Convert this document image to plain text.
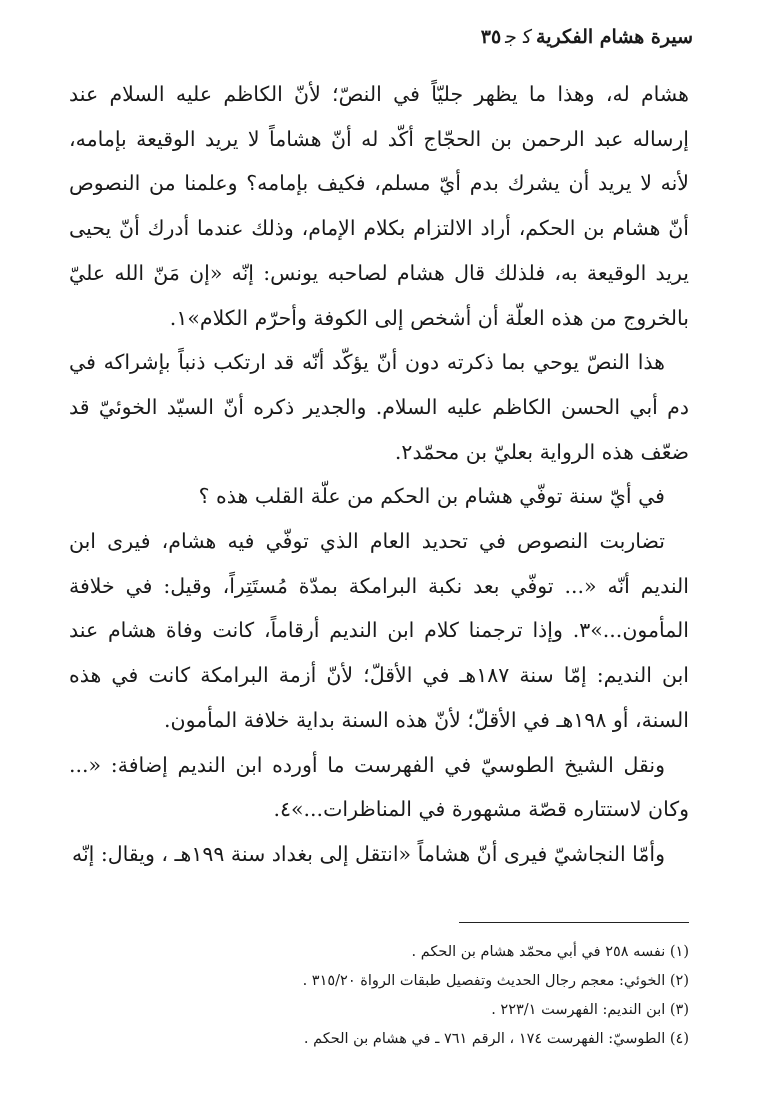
سيرة هشام الفكريةﻛ ﺟ٣٥

هشام له، وهذا ما يظهر جليّاً في النصّ؛ لأنّ الكاظم عليه السلام عند إرساله عبد الرحمن بن الحجّاج أكّد له أنّ هشاماً لا يريد الوقيعة بإمامه، لأنه لا يريد أن يشرك بدم أيّ مسلم، فكيف بإمامه؟ وعلمنا من النصوص أنّ هشام بن الحكم، أراد الالتزام بكلام الإمام، وذلك عندما أدرك أنّ يحيى يريد الوقيعة به، فلذلك قال هشام لصاحبه يونس: إنّه «إن مَنّ الله عليّ بالخروج من هذه العلّة أن أشخص إلى الكوفة وأحرّم الكلام»١.

هذا النصّ يوحي بما ذكرته دون أنّ يؤكّد أنّه قد ارتكب ذنباً بإشراكه في دم أبي الحسن الكاظم عليه السلام. والجدير ذكره أنّ السيّد الخوئيّ قد ضعّف هذه الرواية بعليّ بن محمّد٢.

في أيّ سنة توفّي هشام بن الحكم من علّة القلب هذه ؟

تضاربت النصوص في تحديد العام الذي توفّي فيه هشام، فيرى ابن النديم أنّه «... توفّي بعد نكبة البرامكة بمدّة مُستَتِراً، وقيل: في خلافة المأمون...»٣. وإذا ترجمنا كلام ابن النديم أرقاماً، كانت وفاة هشام عند ابن النديم: إمّا سنة ١٨٧هـ في الأقلّ؛ لأنّ أزمة البرامكة كانت في هذه السنة، أو ١٩٨هـ في الأقلّ؛ لأنّ هذه السنة بداية خلافة المأمون.

ونقل الشيخ الطوسيّ في الفهرست ما أورده ابن النديم إضافة: «... وكان لاستتاره قصّة مشهورة في المناظرات...»٤.

وأمّا النجاشيّ فيرى أنّ هشاماً «انتقل إلى بغداد سنة ١٩٩هـ ، ويقال: إنّه

(١) نفسه ٢٥٨ في أبي محمّد هشام بن الحكم .

(٢) الخوئي: معجم رجال الحديث وتفصيل طبقات الرواة ٣١٥/٢٠ .

(٣) ابن النديم: الفهرست ٢٢٣/١ .

(٤) الطوسيّ: الفهرست ١٧٤ ، الرقم ٧٦١ ـ في هشام بن الحكم .
